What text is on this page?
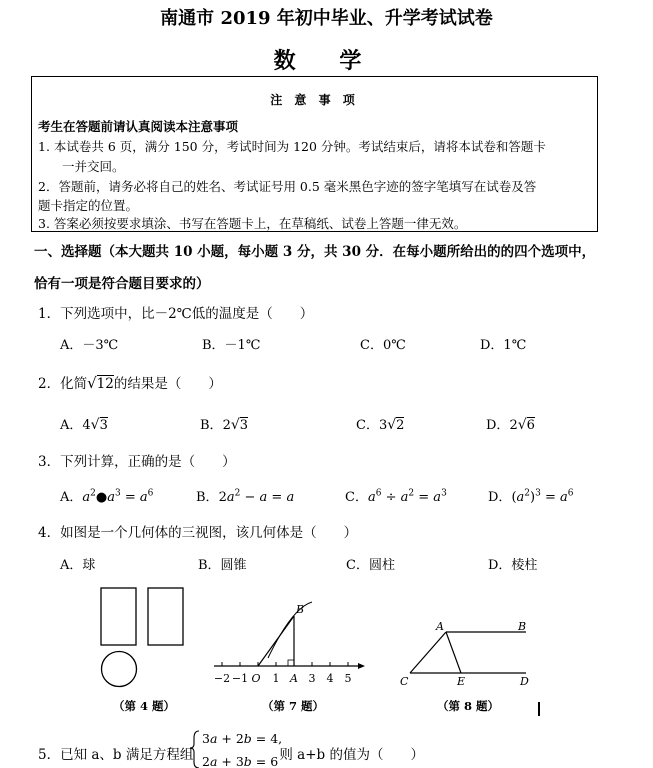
南通市 2019 年初中毕业、升学考试试卷
数 学
注 意 事 项
考生在答题前请认真阅读本注意事项
1. 本试卷共 6 页，满分 150 分，考试时间为 120 分钟。考试结束后，请将本试卷和答题卡
一并交回。
2．答题前，请务必将自己的姓名、考试证号用 0.5 毫米黑色字迹的签字笔填写在试卷及答
题卡指定的位置。
3. 答案必须按要求填涂、书写在答题卡上，在草稿纸、试卷上答题一律无效。
一、选择题（本大题共 10 小题，每小题 3 分，共 30 分．在每小题所给出的的四个选项中，
恰有一项是符合题目要求的）
1．下列选项中，比－2℃低的温度是（　　）
A．－3℃	B．－1℃	C．0℃	D．1℃
2．化简√12的结果是（　　）
A．4√3	B．2√3	C．3√2	D．2√6
3．下列计算，正确的是（　　）
A．$a^2●a^3 = a^6$	B．$2a^2 - a = a$	C．$a^6 \div a^2 = a^3$	D．$(a^2)^3 = a^6$
4．如图是一个几何体的三视图，该几何体是（　　）
A．球	B．圆锥	C．圆柱	D．棱柱
（第 4 题）
B
−2 −1 O 1 A 3 4 5
（第 7 题）
A	B
C	E	D
（第 8 题）
5．已知 a、b 满足方程组	则 a+b 的值为（　　）
3a + 2b = 4,
2a + 3b = 6
